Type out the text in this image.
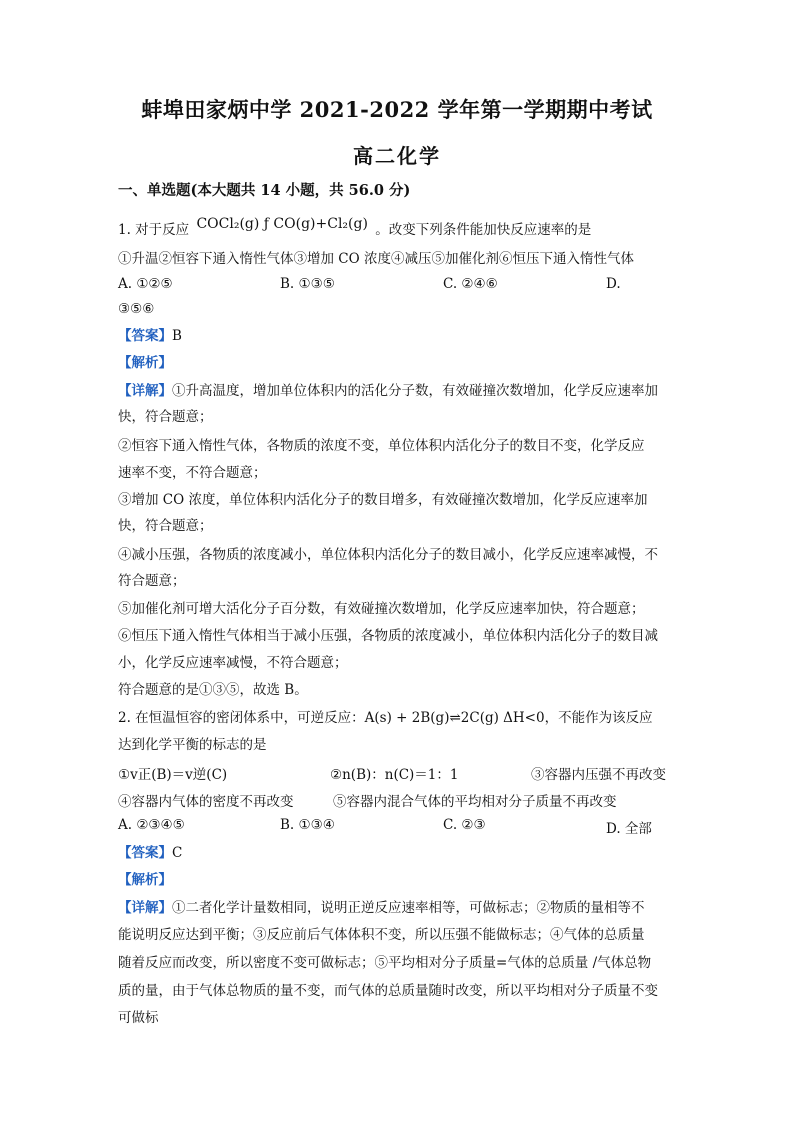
蚌埠田家炳中学 2021-2022 学年第一学期期中考试
高二化学
一、单选题(本大题共 14 小题，共 56.0 分)
1. 对于反应 COCl₂(g) ƒ CO(g)+Cl₂(g) 。改变下列条件能加快反应速率的是
①升温②恒容下通入惰性气体③增加 CO 浓度④减压⑤加催化剂⑥恒压下通入惰性气体
A. ①②⑤	B. ①③⑤	C. ②④⑥	D.
③⑤⑥
【答案】B
【解析】
【详解】①升高温度，增加单位体积内的活化分子数，有效碰撞次数增加，化学反应速率加
快，符合题意；
②恒容下通入惰性气体，各物质的浓度不变，单位体积内活化分子的数目不变，化学反应
速率不变，不符合题意；
③增加 CO 浓度，单位体积内活化分子的数目增多，有效碰撞次数增加，化学反应速率加
快，符合题意；
④减小压强，各物质的浓度减小，单位体积内活化分子的数目减小，化学反应速率减慢，不
符合题意；
⑤加催化剂可增大活化分子百分数，有效碰撞次数增加，化学反应速率加快，符合题意；
⑥恒压下通入惰性气体相当于减小压强，各物质的浓度减小，单位体积内活化分子的数目减
小，化学反应速率减慢，不符合题意；
符合题意的是①③⑤，故选 B。
2. 在恒温恒容的密闭体系中，可逆反应：A(s) + 2B(g)⇌2C(g) ΔH<0，不能作为该反应
达到化学平衡的标志的是
①v正(B)＝v逆(C)	②n(B)：n(C)＝1：1	③容器内压强不再改变
④容器内气体的密度不再改变	⑤容器内混合气体的平均相对分子质量不再改变
A. ②③④⑤	B. ①③④	C. ②③	D. 全部
【答案】C
【解析】
【详解】①二者化学计量数相同，说明正逆反应速率相等，可做标志；②物质的量相等不
能说明反应达到平衡；③反应前后气体体积不变，所以压强不能做标志；④气体的总质量
随着反应而改变，所以密度不变可做标志；⑤平均相对分子质量=气体的总质量 /气体总物
质的量，由于气体总物质的量不变，而气体的总质量随时改变，所以平均相对分子质量不变
可做标
